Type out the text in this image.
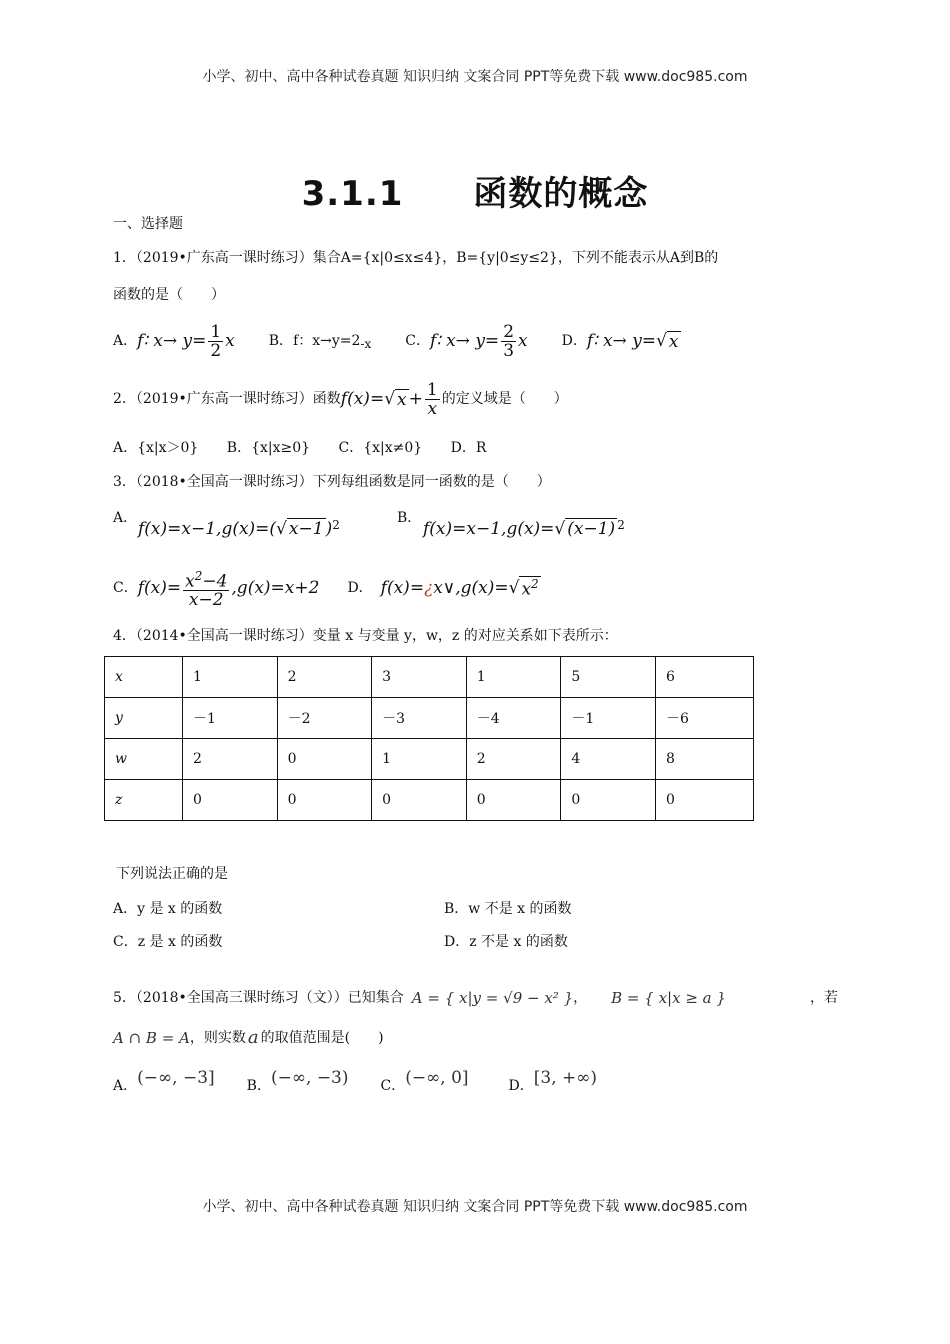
小学、初中、高中各种试卷真题 知识归纳 文案合同 PPT等免费下载 www.doc985.com
3.1.1　　函数的概念
一、选择题
1．（2019•广东高一课时练习）集合A={x|0≤x≤4}，B={y|0≤y≤2}，下列不能表示从A到B的
函数的是（　　）
A． f∶ $x\to y= \frac{1}{2}$ x B． f：x→y=2 -x C． f∶ $x\to y= \frac{2}{3}$ x D． f∶ x→ y= √ x
2．（2019•广东高一课时练习）函数 f(x)= √ $x + \frac{1}{x}$ 的定义域是（　　）
A．{x|x＞0} B．{x|x≥0} C．{x|x≠0} D．R
3．（2018•全国高一课时练习）下列每组函数是同一函数的是（　　）
A．
f(x)=x−1,g(x)=( √ x−1 )$^2$	B．
f(x)=x−1,g(x)= √ $(x-1)^2$
C． $f(x)= \frac{x^2-4}{x-2} ,g(x)=x+2$ D． f(x)= ¿ x∨,g(x)= √ $x^2$
4．（2014•全国高一课时练习）变量 x 与变量 y，w，z 的对应关系如下表所示：
x	1	2	3	1	5	6
y	－1	－2	－3	－4	－1	－6
w	2	0	1	2	4	8
z	0	0	0	0	0	0
下列说法正确的是
A．y 是 x 的函数	B．w 不是 x 的函数
C．z 是 x 的函数	D．z 不是 x 的函数
5．（2018•全国高三课时练习（文））已知集合 A = { x|y = √9 − x² } ， B = { x|x ≥ a }	，若
A ∩ B = A ，则实数 a 的取值范围是(　　)
A． (−∞, −3] B． (−∞, −3) C． (−∞, 0]	D． [3, +∞)
小学、初中、高中各种试卷真题 知识归纳 文案合同 PPT等免费下载 www.doc985.com
